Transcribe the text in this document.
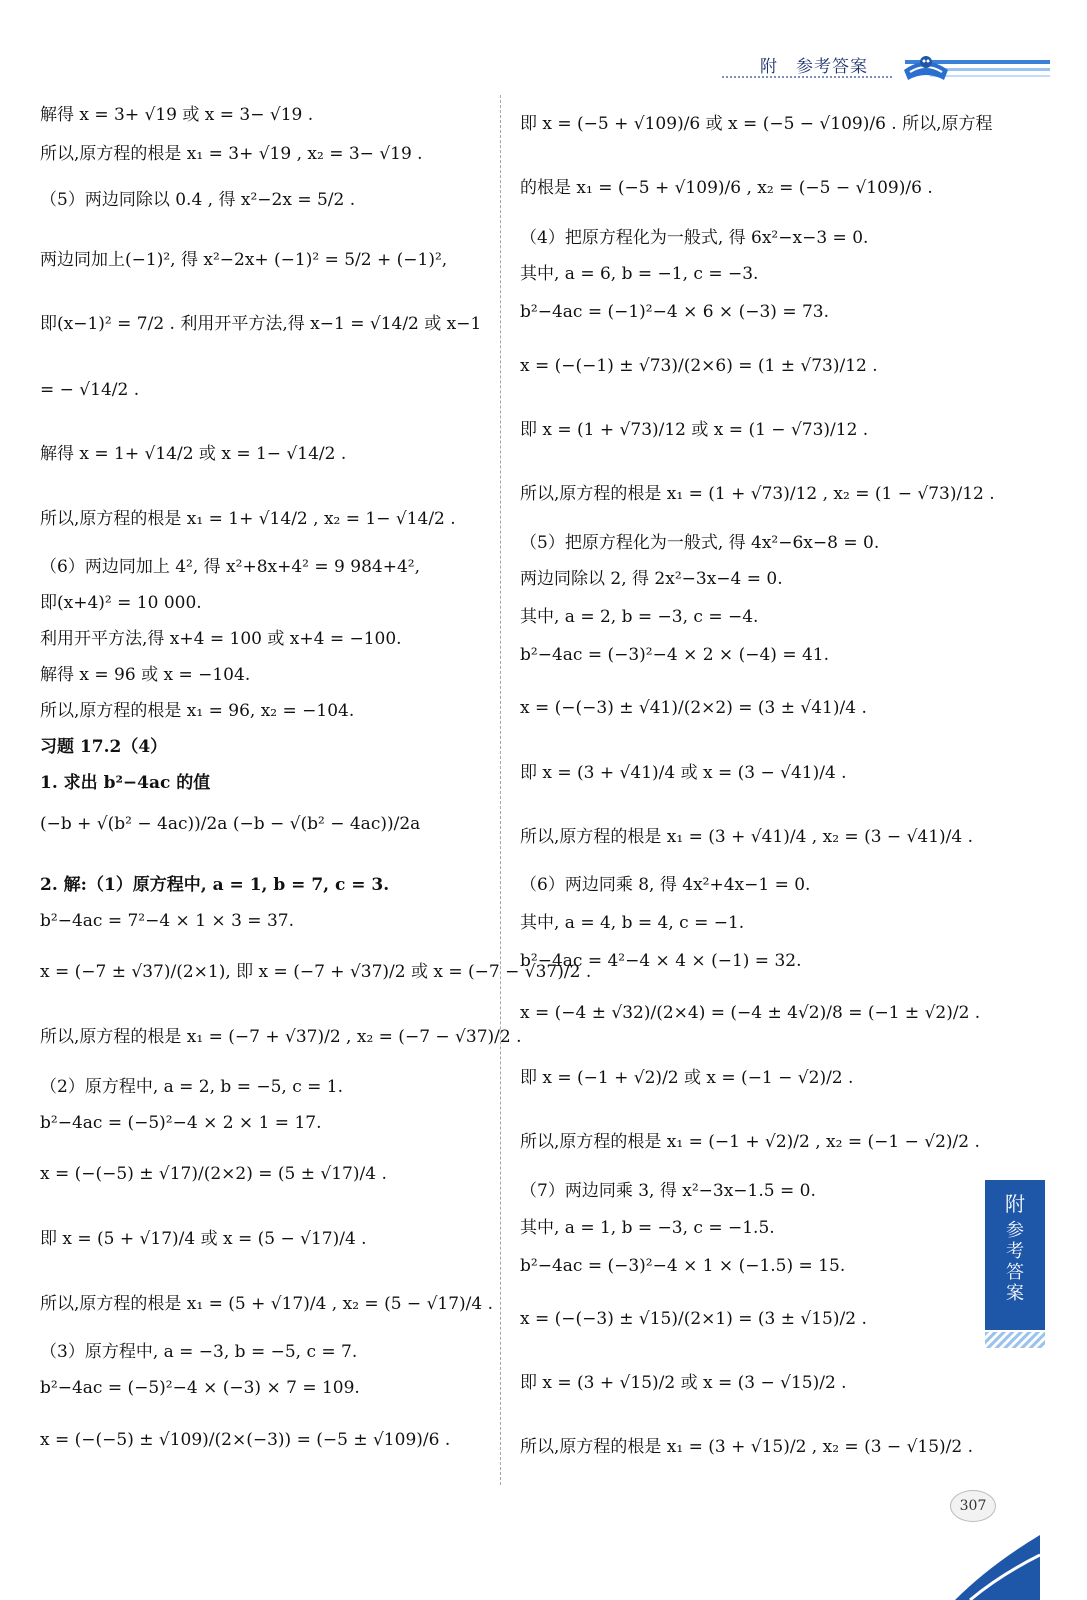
附　参考答案
解得 x = 3+ √19 或 x = 3− √19 .
所以,原方程的根是 x₁ = 3+ √19 , x₂ = 3− √19 .
（5）两边同除以 0.4 , 得 x²−2x = 5/2 .
两边同加上(−1)², 得 x²−2x+ (−1)² = 5/2 + (−1)²,
即(x−1)² = 7/2 . 利用开平方法,得 x−1 = √14/2 或 x−1
= − √14/2 .
解得 x = 1+ √14/2 或 x = 1− √14/2 .
所以,原方程的根是 x₁ = 1+ √14/2 , x₂ = 1− √14/2 .
（6）两边同加上 4², 得 x²+8x+4² = 9 984+4²,
即(x+4)² = 10 000.
利用开平方法,得 x+4 = 100 或 x+4 = −100.
解得 x = 96 或 x = −104.
所以,原方程的根是 x₁ = 96, x₂ = −104.
习题 17.2（4）
1. 求出 b²−4ac 的值
(−b + √(b² − 4ac))/2a (−b − √(b² − 4ac))/2a
2. 解:（1）原方程中, a = 1, b = 7, c = 3.
b²−4ac = 7²−4 × 1 × 3 = 37.
x = (−7 ± √37)/(2×1), 即 x = (−7 + √37)/2 或 x = (−7 − √37)/2 .
所以,原方程的根是 x₁ = (−7 + √37)/2 , x₂ = (−7 − √37)/2 .
（2）原方程中, a = 2, b = −5, c = 1.
b²−4ac = (−5)²−4 × 2 × 1 = 17.
x = (−(−5) ± √17)/(2×2) = (5 ± √17)/4 .
即 x = (5 + √17)/4 或 x = (5 − √17)/4 .
所以,原方程的根是 x₁ = (5 + √17)/4 , x₂ = (5 − √17)/4 .
（3）原方程中, a = −3, b = −5, c = 7.
b²−4ac = (−5)²−4 × (−3) × 7 = 109.
x = (−(−5) ± √109)/(2×(−3)) = (−5 ± √109)/6 .
即 x = (−5 + √109)/6 或 x = (−5 − √109)/6 . 所以,原方程
的根是 x₁ = (−5 + √109)/6 , x₂ = (−5 − √109)/6 .
（4）把原方程化为一般式, 得 6x²−x−3 = 0.
其中, a = 6, b = −1, c = −3.
b²−4ac = (−1)²−4 × 6 × (−3) = 73.
x = (−(−1) ± √73)/(2×6) = (1 ± √73)/12 .
即 x = (1 + √73)/12 或 x = (1 − √73)/12 .
所以,原方程的根是 x₁ = (1 + √73)/12 , x₂ = (1 − √73)/12 .
（5）把原方程化为一般式, 得 4x²−6x−8 = 0.
两边同除以 2, 得 2x²−3x−4 = 0.
其中, a = 2, b = −3, c = −4.
b²−4ac = (−3)²−4 × 2 × (−4) = 41.
x = (−(−3) ± √41)/(2×2) = (3 ± √41)/4 .
即 x = (3 + √41)/4 或 x = (3 − √41)/4 .
所以,原方程的根是 x₁ = (3 + √41)/4 , x₂ = (3 − √41)/4 .
（6）两边同乘 8, 得 4x²+4x−1 = 0.
其中, a = 4, b = 4, c = −1.
b²−4ac = 4²−4 × 4 × (−1) = 32.
x = (−4 ± √32)/(2×4) = (−4 ± 4√2)/8 = (−1 ± √2)/2 .
即 x = (−1 + √2)/2 或 x = (−1 − √2)/2 .
所以,原方程的根是 x₁ = (−1 + √2)/2 , x₂ = (−1 − √2)/2 .
（7）两边同乘 3, 得 x²−3x−1.5 = 0.
其中, a = 1, b = −3, c = −1.5.
b²−4ac = (−3)²−4 × 1 × (−1.5) = 15.
x = (−(−3) ± √15)/(2×1) = (3 ± √15)/2 .
即 x = (3 + √15)/2 或 x = (3 − √15)/2 .
所以,原方程的根是 x₁ = (3 + √15)/2 , x₂ = (3 − √15)/2 .
附
参考答案
307
